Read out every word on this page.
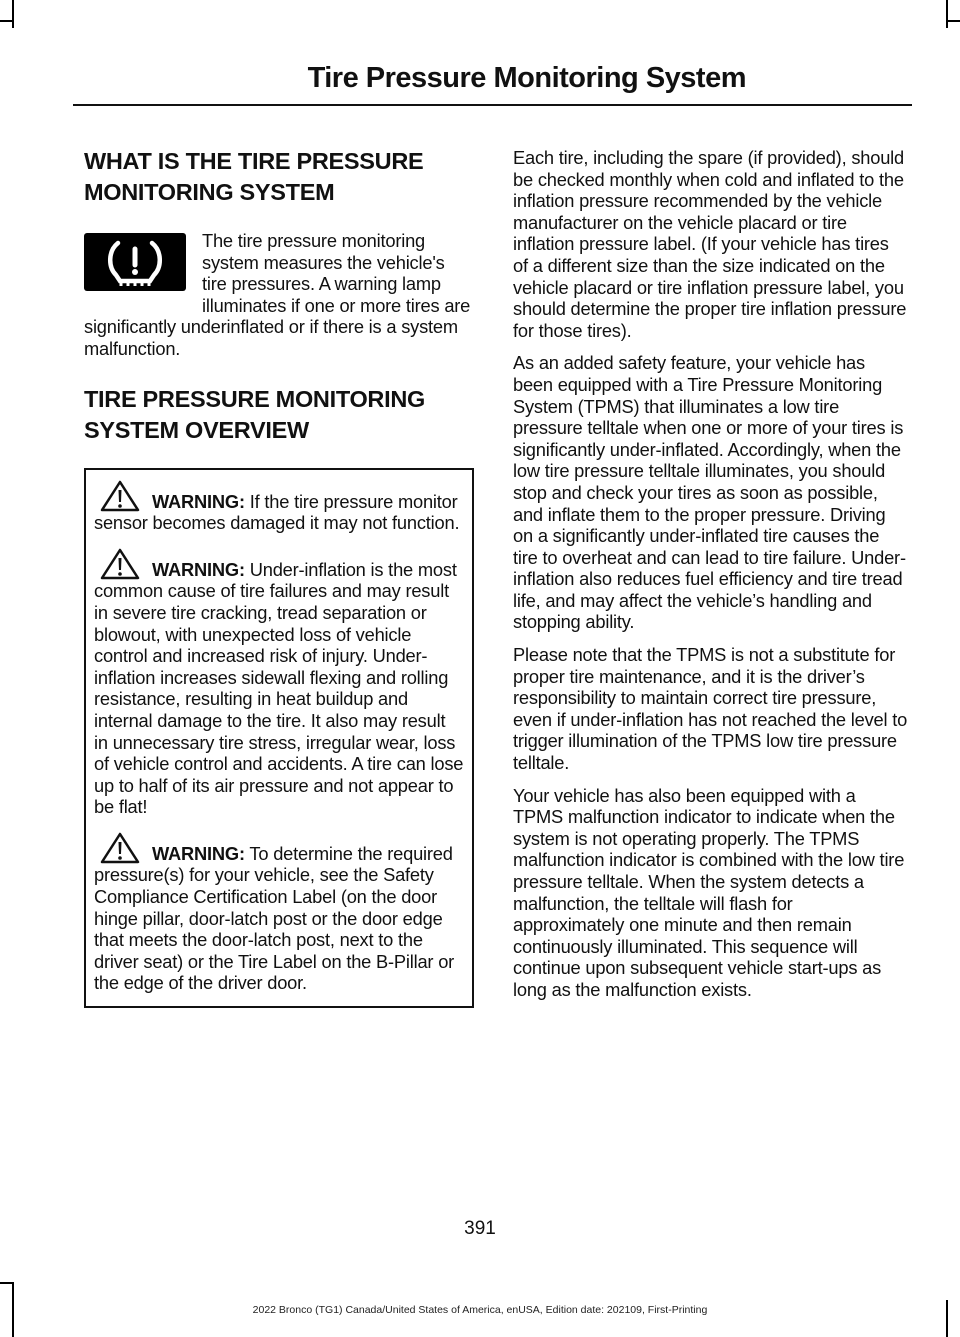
Tire Pressure Monitoring System
WHAT IS THE TIRE PRESSURE
MONITORING SYSTEM

The tire pressure monitoring system measures the vehicle's tire pressures. A warning lamp illuminates if one or more tires are significantly underinflated or if there is a system malfunction.

TIRE PRESSURE MONITORING
SYSTEM OVERVIEW

WARNING: If the tire pressure monitor sensor becomes damaged it may not function.

WARNING: Under-inflation is the most common cause of tire failures and may result in severe tire cracking, tread separation or blowout, with unexpected loss of vehicle control and increased risk of injury. Under-inflation increases sidewall flexing and rolling resistance, resulting in heat buildup and internal damage to the tire. It also may result in unnecessary tire stress, irregular wear, loss of vehicle control and accidents. A tire can lose up to half of its air pressure and not appear to be flat!

WARNING: To determine the required pressure(s) for your vehicle, see the Safety Compliance Certification Label (on the door hinge pillar, door-latch post or the door edge that meets the door-latch post, next to the driver seat) or the Tire Label on the B-Pillar or the edge of the driver door.

Each tire, including the spare (if provided), should be checked monthly when cold and inflated to the inflation pressure recommended by the vehicle manufacturer on the vehicle placard or tire inflation pressure label. (If your vehicle has tires of a different size than the size indicated on the vehicle placard or tire inflation pressure label, you should determine the proper tire inflation pressure for those tires).

As an added safety feature, your vehicle has been equipped with a Tire Pressure Monitoring System (TPMS) that illuminates a low tire pressure telltale when one or more of your tires is significantly under-inflated. Accordingly, when the low tire pressure telltale illuminates, you should stop and check your tires as soon as possible, and inflate them to the proper pressure. Driving on a significantly under-inflated tire causes the tire to overheat and can lead to tire failure. Under-inflation also reduces fuel efficiency and tire tread life, and may affect the vehicle’s handling and stopping ability.

Please note that the TPMS is not a substitute for proper tire maintenance, and it is the driver’s responsibility to maintain correct tire pressure, even if under-inflation has not reached the level to trigger illumination of the TPMS low tire pressure telltale.

Your vehicle has also been equipped with a TPMS malfunction indicator to indicate when the system is not operating properly. The TPMS malfunction indicator is combined with the low tire pressure telltale. When the system detects a malfunction, the telltale will flash for approximately one minute and then remain continuously illuminated. This sequence will continue upon subsequent vehicle start-ups as long as the malfunction exists.

391
2022 Bronco (TG1) Canada/United States of America, enUSA, Edition date: 202109, First-Printing
